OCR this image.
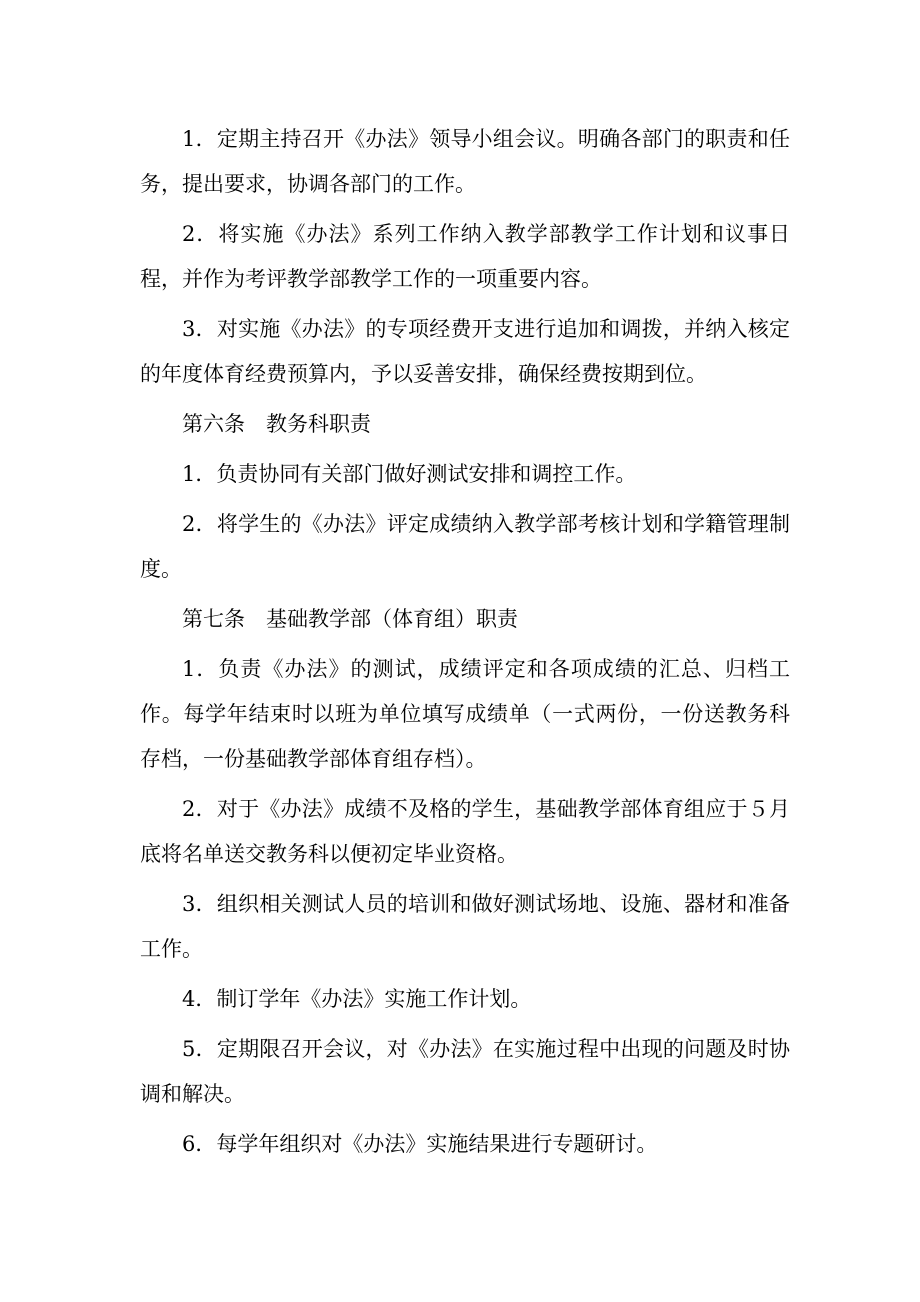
1．定期主持召开《办法》领导小组会议。明确各部门的职责和任务，提出要求，协调各部门的工作。

2．将实施《办法》系列工作纳入教学部教学工作计划和议事日程，并作为考评教学部教学工作的一项重要内容。

3．对实施《办法》的专项经费开支进行追加和调拨，并纳入核定的年度体育经费预算内，予以妥善安排，确保经费按期到位。

第六条　教务科职责

1．负责协同有关部门做好测试安排和调控工作。

2．将学生的《办法》评定成绩纳入教学部考核计划和学籍管理制度。

第七条　基础教学部（体育组）职责

1．负责《办法》的测试，成绩评定和各项成绩的汇总、归档工作。每学年结束时以班为单位填写成绩单（一式两份，一份送教务科存档，一份基础教学部体育组存档）。

2．对于《办法》成绩不及格的学生，基础教学部体育组应于５月底将名单送交教务科以便初定毕业资格。

3．组织相关测试人员的培训和做好测试场地、设施、器材和准备工作。

4．制订学年《办法》实施工作计划。

5．定期限召开会议，对《办法》在实施过程中出现的问题及时协调和解决。

6．每学年组织对《办法》实施结果进行专题研讨。
